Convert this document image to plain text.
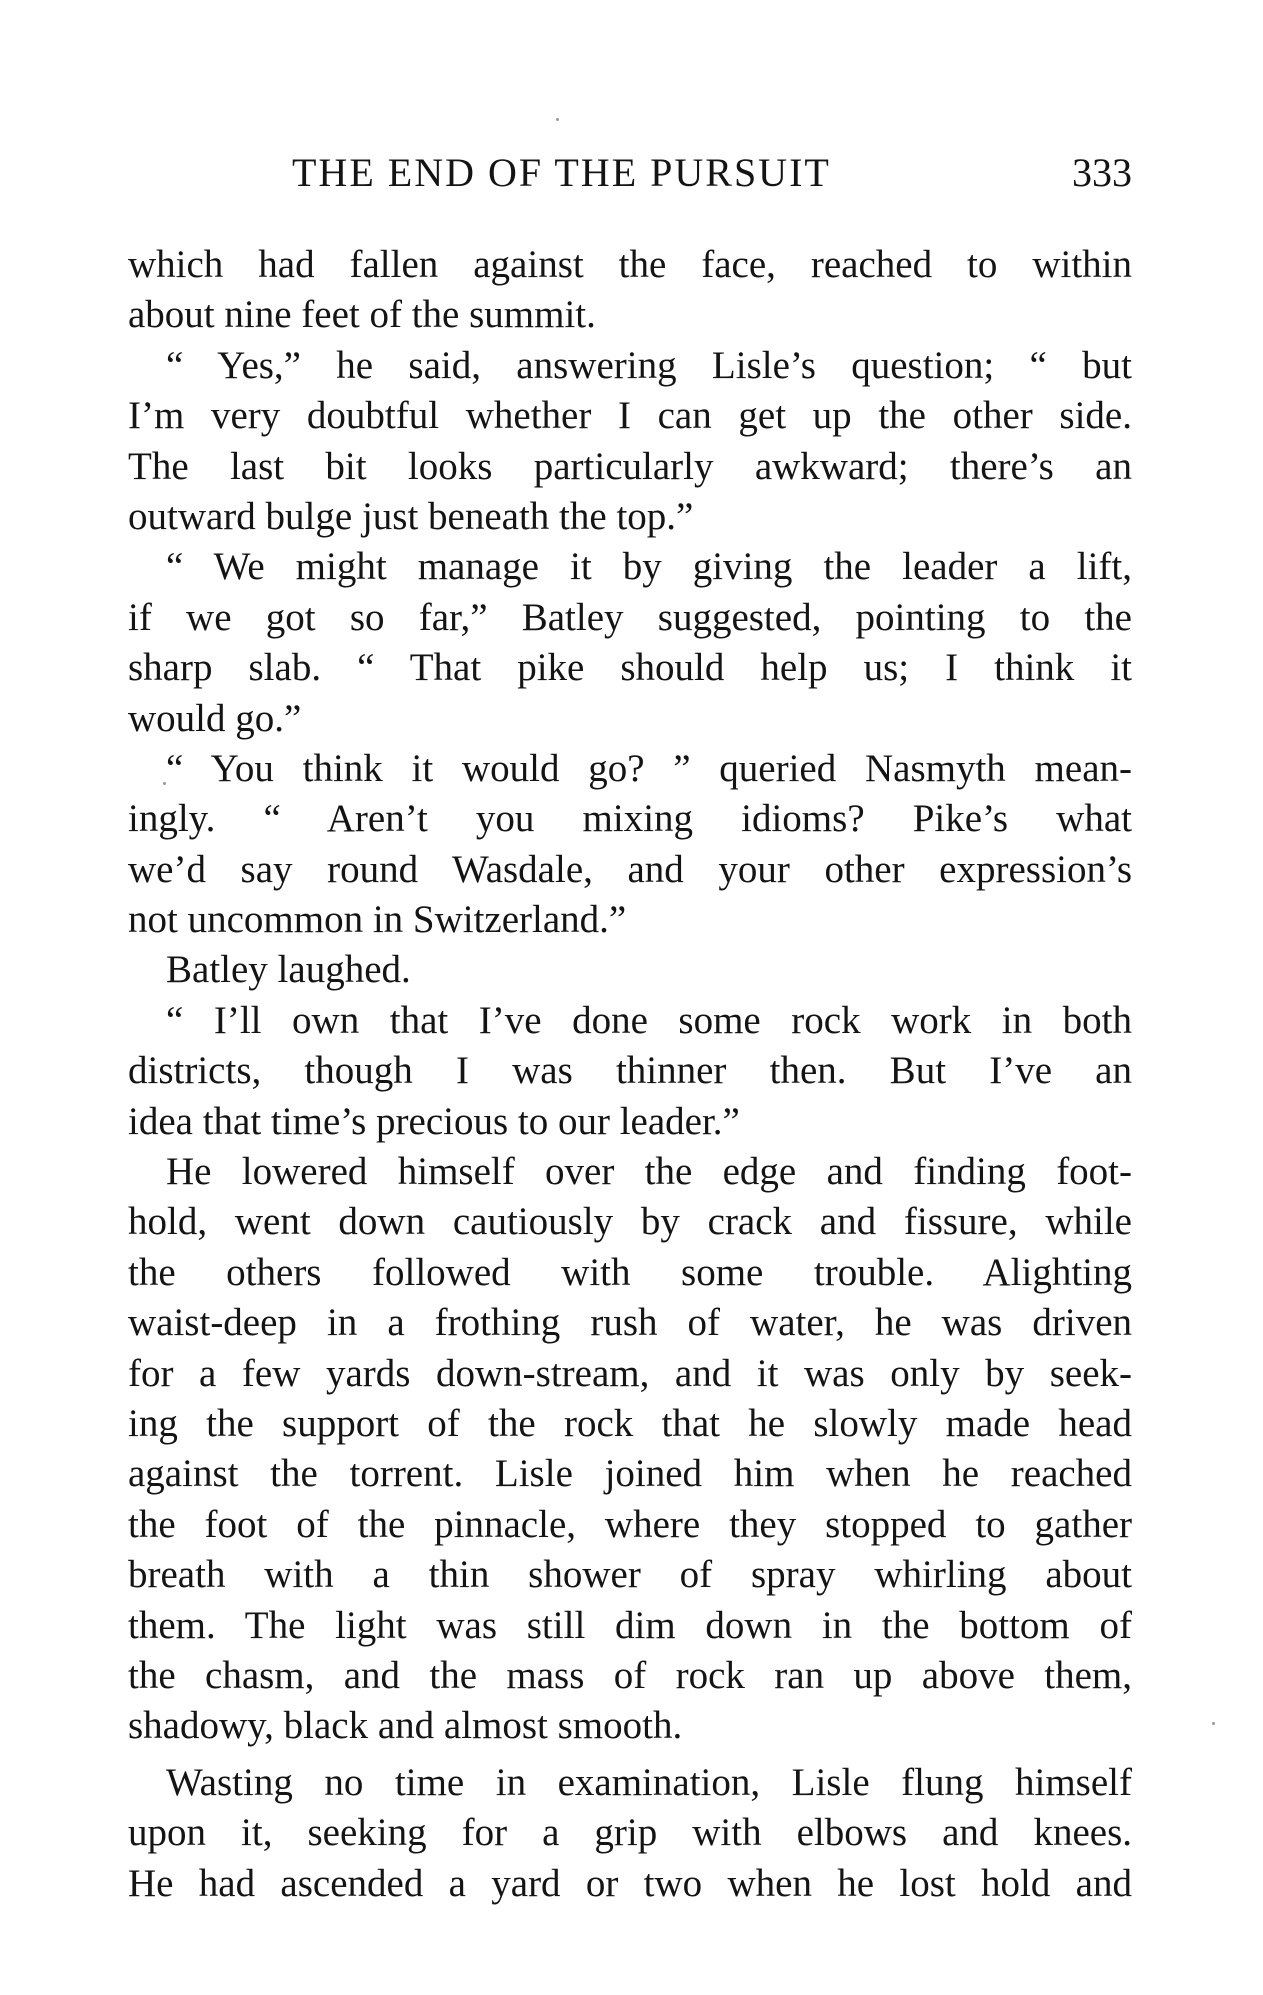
THE END OF THE PURSUIT	333
which had fallen against the face, reached to within
about nine feet of the summit.
“ Yes,” he said, answering Lisle’s question; “ but
I’m very doubtful whether I can get up the other side.
The last bit looks particularly awkward; there’s an
outward bulge just beneath the top.”
“ We might manage it by giving the leader a lift,
if we got so far,” Batley suggested, pointing to the
sharp slab. “ That pike should help us; I think it
would go.”
“ You think it would go? ” queried Nasmyth mean-
ingly. “ Aren’t you mixing idioms? Pike’s what
we’d say round Wasdale, and your other expression’s
not uncommon in Switzerland.”
Batley laughed.
“ I’ll own that I’ve done some rock work in both
districts, though I was thinner then. But I’ve an
idea that time’s precious to our leader.”
He lowered himself over the edge and finding foot-
hold, went down cautiously by crack and fissure, while
the others followed with some trouble. Alighting
waist-deep in a frothing rush of water, he was driven
for a few yards down-stream, and it was only by seek-
ing the support of the rock that he slowly made head
against the torrent. Lisle joined him when he reached
the foot of the pinnacle, where they stopped to gather
breath with a thin shower of spray whirling about
them. The light was still dim down in the bottom of
the chasm, and the mass of rock ran up above them,
shadowy, black and almost smooth.
Wasting no time in examination, Lisle flung himself
upon it, seeking for a grip with elbows and knees.
He had ascended a yard or two when he lost hold and
